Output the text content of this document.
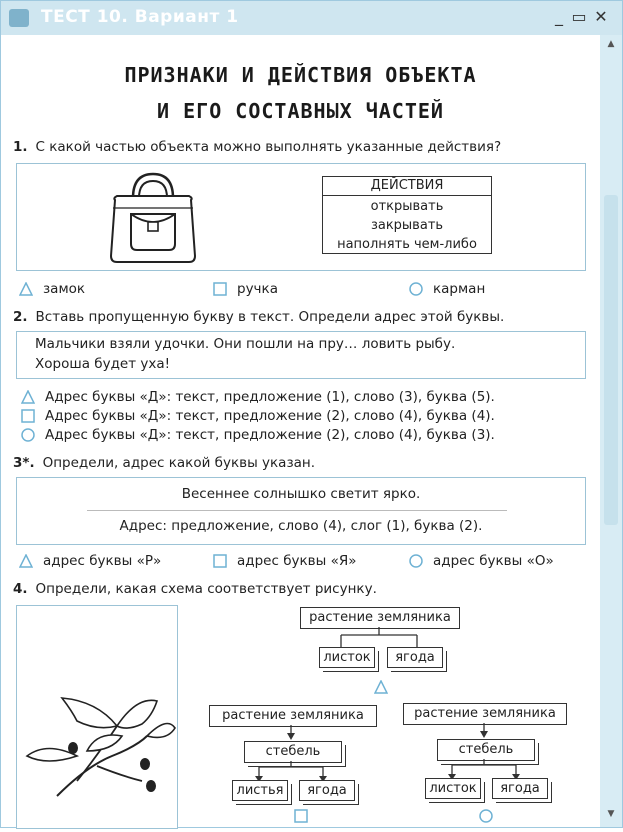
ТЕСТ 10. Вариант 1	_ ▭ ✕
▲
▼
ПРИЗНАКИ И ДЕЙСТВИЯ ОБЪЕКТА
И ЕГО СОСТАВНЫХ ЧАСТЕЙ
1. С какой частью объекта можно выполнять указанные действия?
ДЕЙСТВИЯ
открывать
закрывать
наполнять чем-либо
замок	ручка	карман
2. Вставь пропущенную букву в текст. Определи адрес этой буквы.
Мальчики взяли удочки. Они пошли на пру… ловить рыбу.
Хороша будет уха!
Адрес буквы «Д»: текст, предложение (1), слово (3), буква (5).
Адрес буквы «Д»: текст, предложение (2), слово (4), буква (4).
Адрес буквы «Д»: текст, предложение (2), слово (4), буква (3).
3*. Определи, адрес какой буквы указан.
Весеннее солнышко светит ярко.
Адрес: предложение, слово (4), слог (1), буква (2).
адрес буквы «Р»	адрес буквы «Я»	адрес буквы «О»
4. Определи, какая схема соответствует рисунку.
растение земляника
листок	ягода
растение земляника
стебель
листья	ягода
растение земляника
стебель
листок	ягода
